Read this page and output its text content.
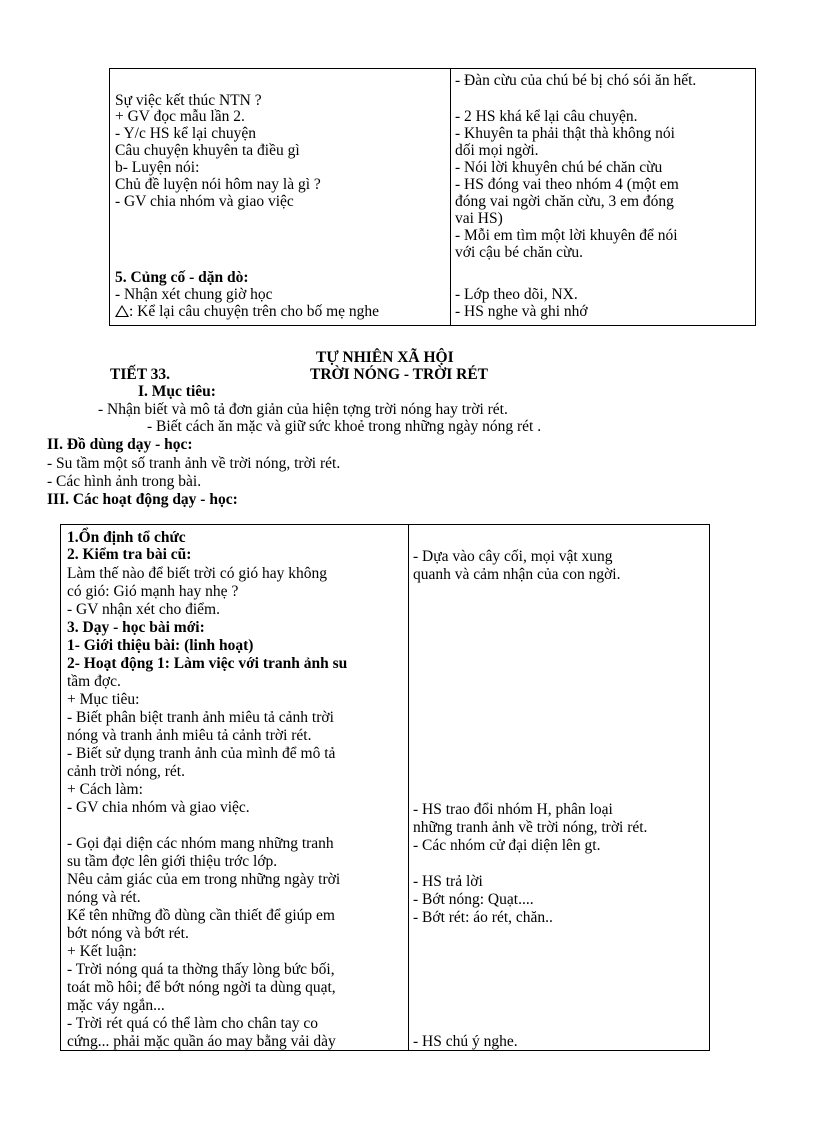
Sự việc kết thúc NTN ?
+ GV đọc mẫu lần 2.
- Y/c HS kể lại chuyện
Câu chuyện khuyên ta điều gì
b- Luyện nói:
Chủ đề luyện nói hôm nay là gì ?
- GV chia nhóm và giao việc
5. Củng cố - dặn dò:
- Nhận xét chung giờ học
: Kể lại câu chuyện trên cho bố mẹ nghe
- Đàn cừu của chú bé bị chó sói ăn hết.
- 2 HS khá kể lại câu chuyện.
- Khuyên ta phải thật thà không nói
dối mọi ngời.
- Nói lời khuyên chú bé chăn cừu
- HS đóng vai theo nhóm 4 (một em
đóng vai ngời chăn cừu, 3 em đóng
vai HS)
- Mỗi em tìm một lời khuyên để nói
với cậu bé chăn cừu.
- Lớp theo dõi, NX.
- HS nghe và ghi nhớ
TỰ NHIÊN XÃ HỘI
TIẾT 33.	TRỜI NÓNG - TRỜI RÉT
I. Mục tiêu:
- Nhận biết và mô tả đơn giản của hiện tợng trời nóng hay trời rét.
- Biết cách ăn mặc và giữ sức khoẻ trong những ngày nóng rét .
II. Đồ dùng dạy - học:
- Su tầm một số tranh ảnh về trời nóng, trời rét.
- Các hình ảnh trong bài.
III. Các hoạt động dạy - học:
1.Ổn định tổ chức
2. Kiểm tra bài cũ:
Làm thế nào để biết trời có gió hay không
có gió: Gió mạnh hay nhẹ ?
- GV nhận xét cho điểm.
3. Dạy - học bài mới:
1- Giới thiệu bài: (linh hoạt)
2- Hoạt động 1: Làm việc với tranh ảnh su
tầm đợc.
+ Mục tiêu:
- Biết phân biệt tranh ảnh miêu tả cảnh trời
nóng và tranh ảnh miêu tả cảnh trời rét.
- Biết sử dụng tranh ảnh của mình để mô tả
cảnh trời nóng, rét.
+ Cách làm:
- GV chia nhóm và giao việc.
- Gọi đại diện các nhóm mang những tranh
su tầm đợc lên giới thiệu trớc lớp.
Nêu cảm giác của em trong những ngày trời
nóng và rét.
Kể tên những đồ dùng cần thiết để giúp em
bớt nóng và bớt rét.
+ Kết luận:
- Trời nóng quá ta thờng thấy lòng bức bối,
toát mồ hôi; để bớt nóng ngời ta dùng quạt,
mặc váy ngắn...
- Trời rét quá có thể làm cho chân tay co
cứng... phải mặc quần áo may bằng vải dày
- Dựa vào cây cối, mọi vật xung
quanh và cảm nhận của con ngời.
- HS trao đổi nhóm H, phân loại
những tranh ảnh về trời nóng, trời rét.
- Các nhóm cử đại diện lên gt.
- HS trả lời
- Bớt nóng: Quạt....
- Bớt rét: áo rét, chăn..
- HS chú ý nghe.
